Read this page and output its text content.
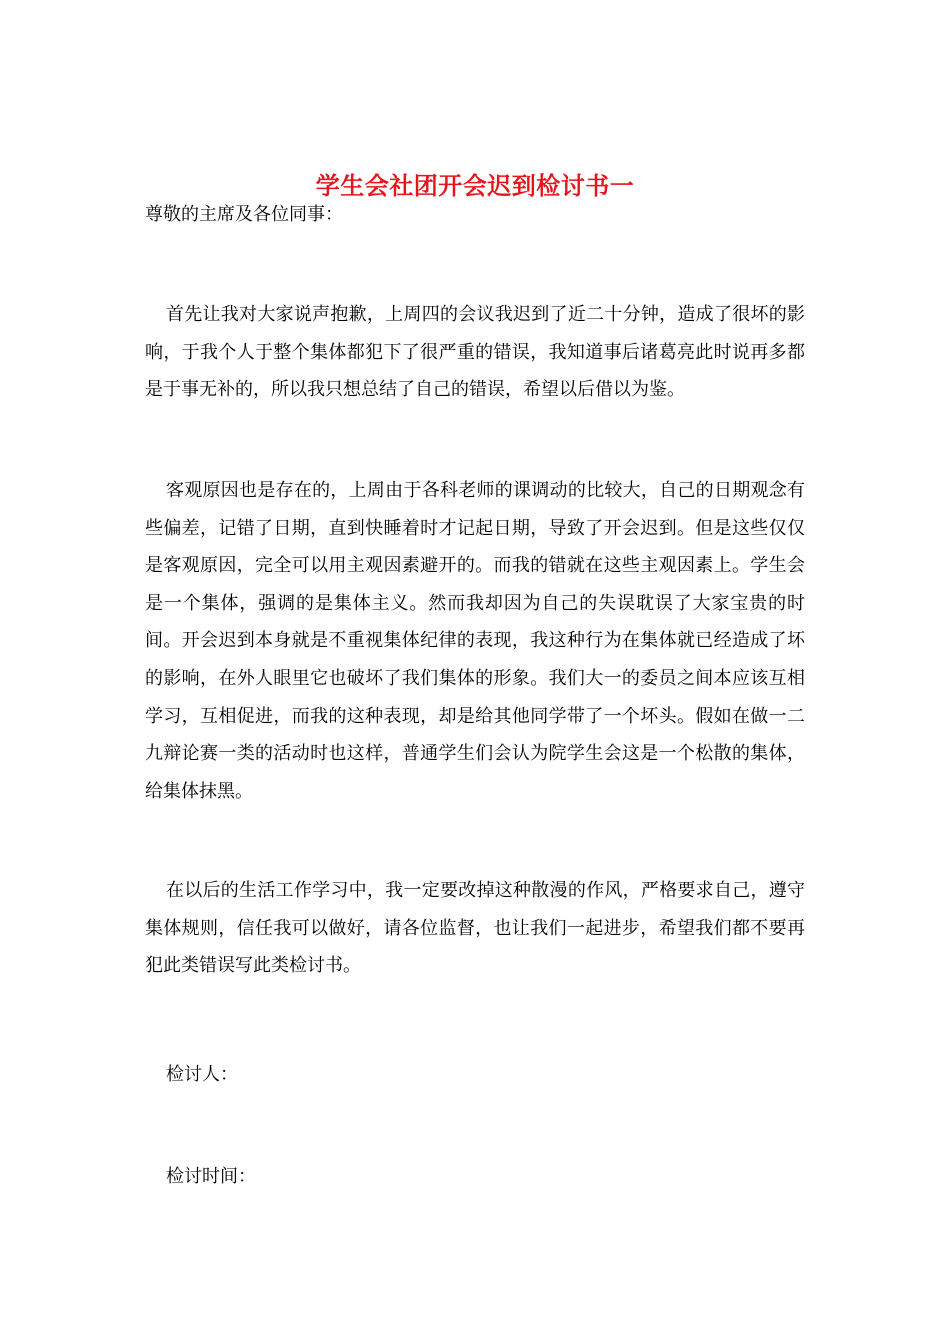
学生会社团开会迟到检讨书一

尊敬的主席及各位同事：

首先让我对大家说声抱歉，上周四的会议我迟到了近二十分钟，造成了很坏的影响，于我个人于整个集体都犯下了很严重的错误，我知道事后诸葛亮此时说再多都是于事无补的，所以我只想总结了自己的错误，希望以后借以为鉴。

客观原因也是存在的，上周由于各科老师的课调动的比较大，自己的日期观念有些偏差，记错了日期，直到快睡着时才记起日期，导致了开会迟到。但是这些仅仅是客观原因，完全可以用主观因素避开的。而我的错就在这些主观因素上。学生会是一个集体，强调的是集体主义。然而我却因为自己的失误耽误了大家宝贵的时间。开会迟到本身就是不重视集体纪律的表现，我这种行为在集体就已经造成了坏的影响，在外人眼里它也破坏了我们集体的形象。我们大一的委员之间本应该互相学习，互相促进，而我的这种表现，却是给其他同学带了一个坏头。假如在做一二九辩论赛一类的活动时也这样，普通学生们会认为院学生会这是一个松散的集体，给集体抹黑。

在以后的生活工作学习中，我一定要改掉这种散漫的作风，严格要求自己，遵守集体规则，信任我可以做好，请各位监督，也让我们一起进步，希望我们都不要再犯此类错误写此类检讨书。

检讨人：

检讨时间：
